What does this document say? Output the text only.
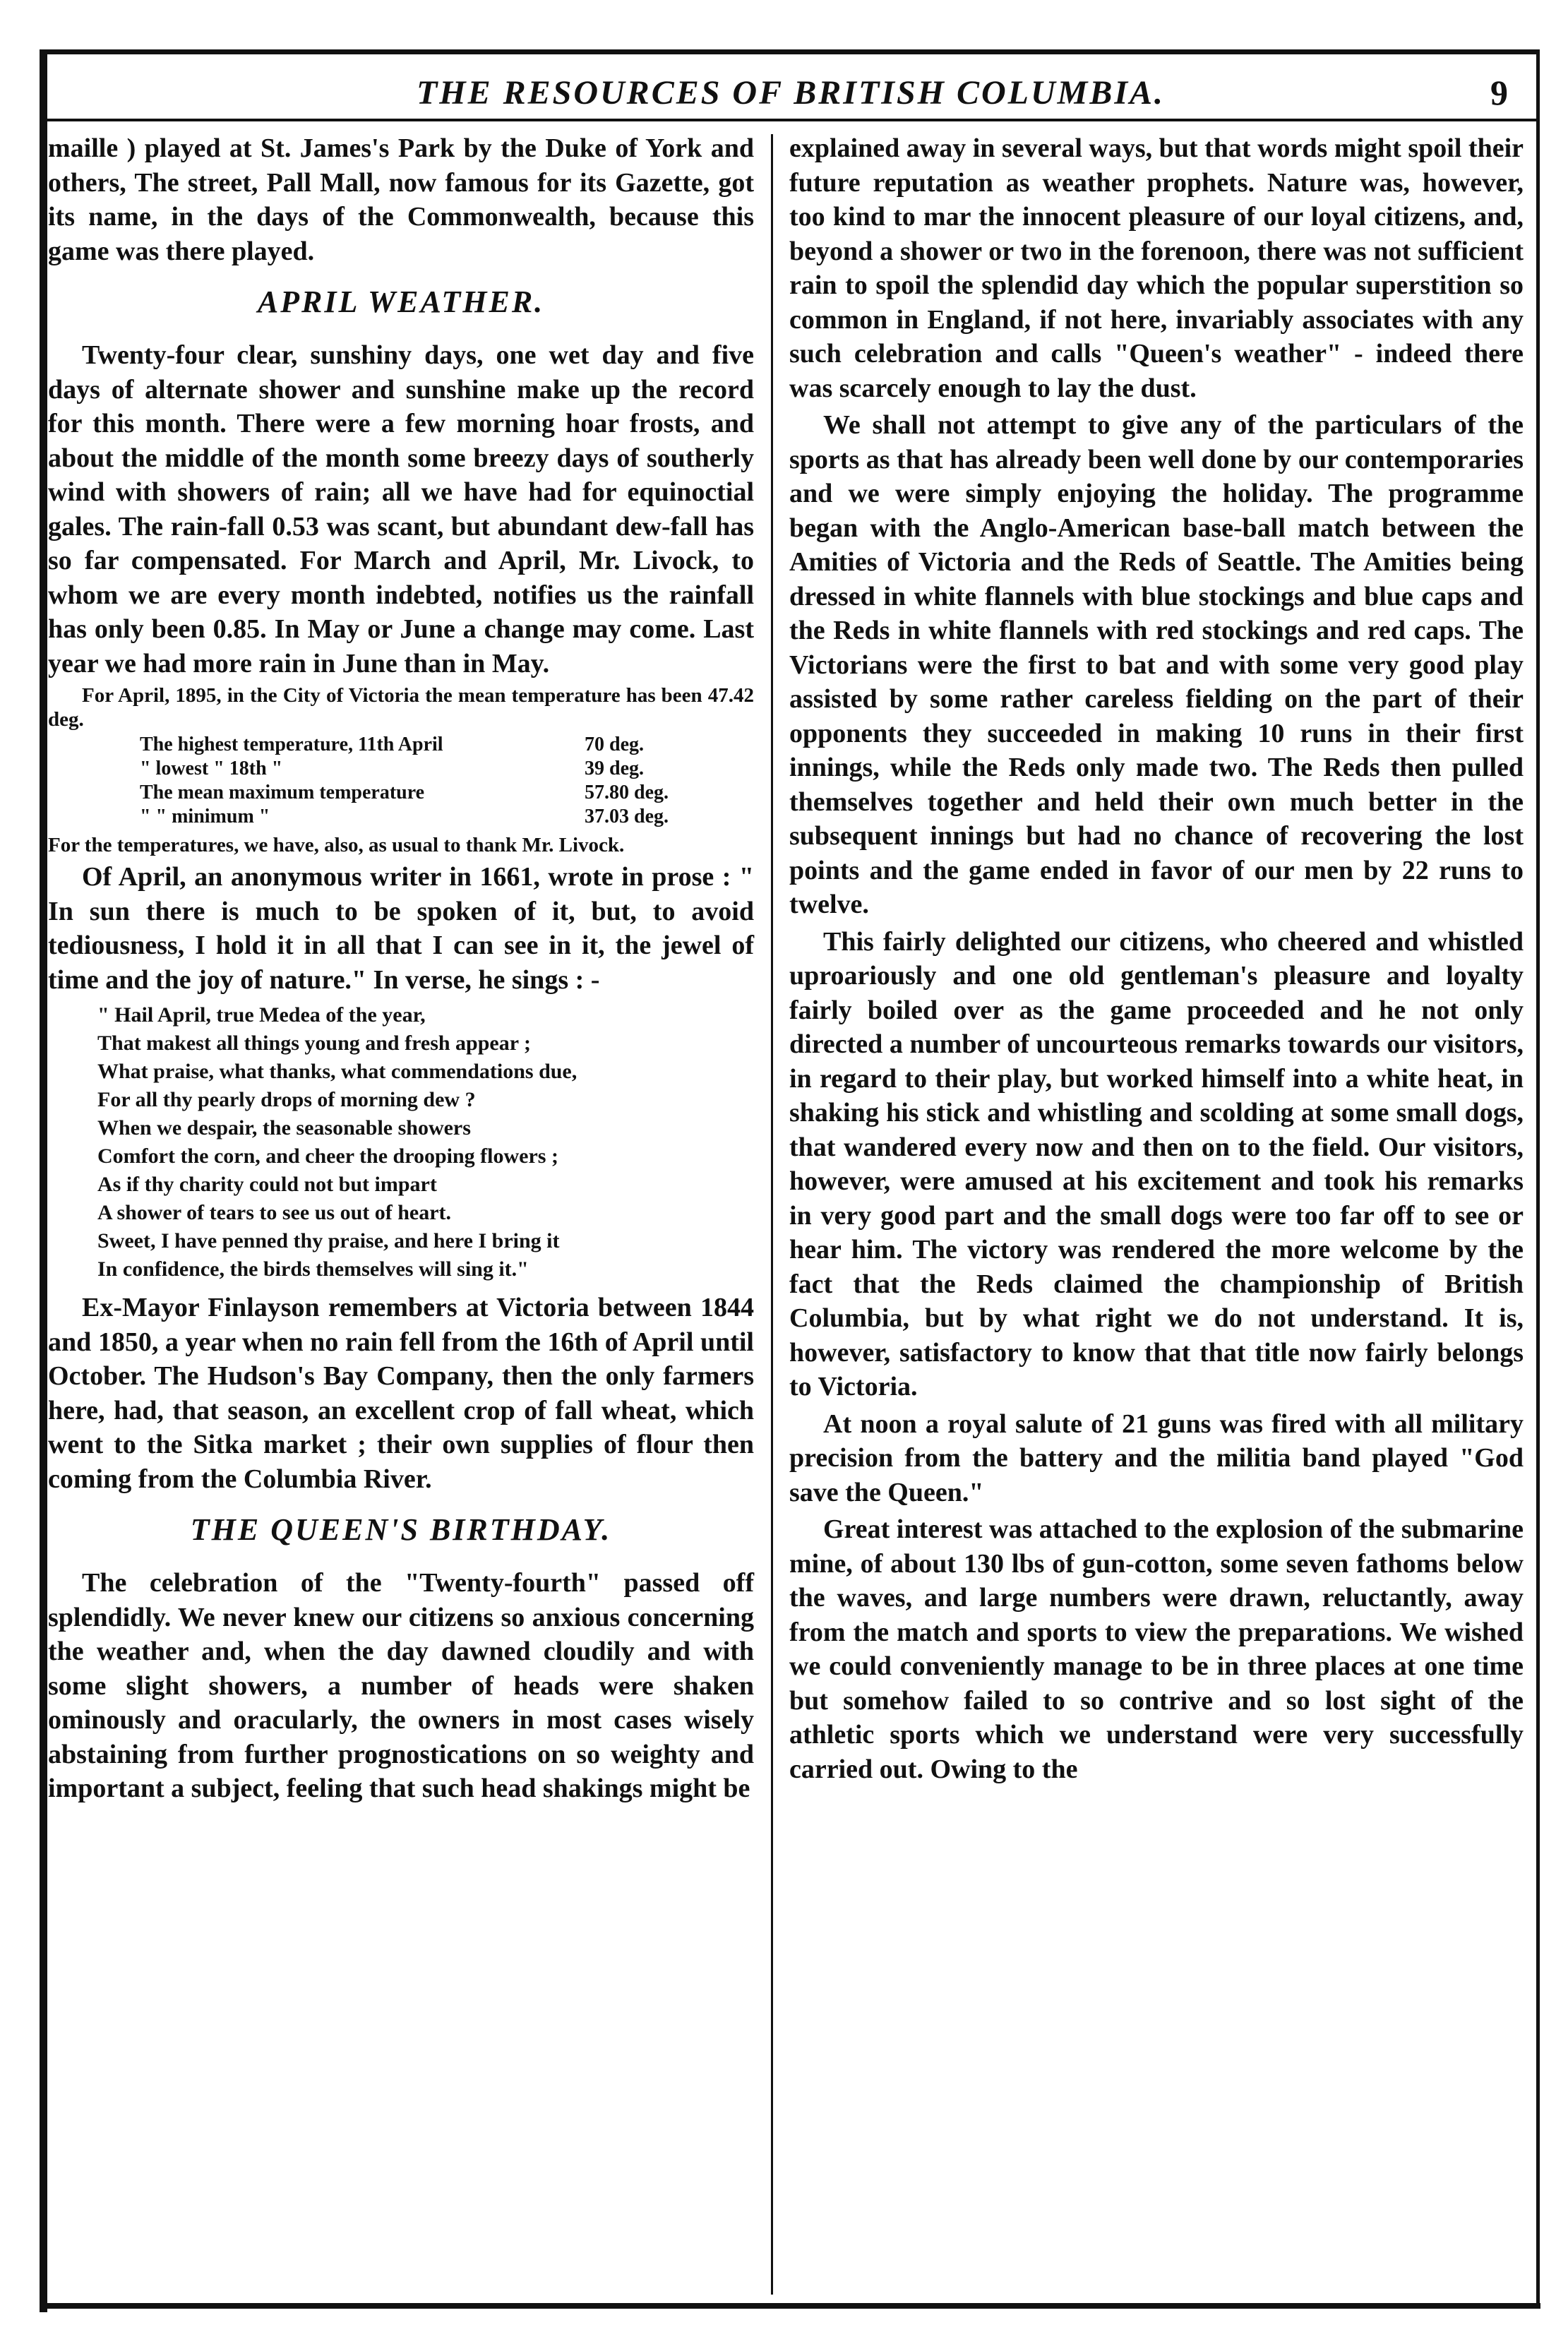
THE RESOURCES OF BRITISH COLUMBIA.	9

maille ) played at St. James's Park by the Duke of York and others, The street, Pall Mall, now famous for its Gazette, got its name, in the days of the Commonwealth, because this game was there played.

APRIL WEATHER.

Twenty-four clear, sunshiny days, one wet day and five days of alternate shower and sunshine make up the record for this month. There were a few morning hoar frosts, and about the middle of the month some breezy days of southerly wind with showers of rain; all we have had for equinoctial gales. The rain-fall 0.53 was scant, but abundant dew-fall has so far compensated. For March and April, Mr. Livock, to whom we are every month indebted, notifies us the rainfall has only been 0.85. In May or June a change may come. Last year we had more rain in June than in May.

For April, 1895, in the City of Victoria the mean temperature has been 47.42 deg.

The highest temperature, 11th April	70 deg.
" lowest " 18th "	39 deg.
The mean maximum temperature	57.80 deg.
" " minimum "	37.03 deg.

For the temperatures, we have, also, as usual to thank Mr. Livock.

Of April, an anonymous writer in 1661, wrote in prose : " In sun there is much to be spoken of it, but, to avoid tediousness, I hold it in all that I can see in it, the jewel of time and the joy of nature." In verse, he sings : -

" Hail April, true Medea of the year,
That makest all things young and fresh appear ;
What praise, what thanks, what commendations due,
For all thy pearly drops of morning dew ?
When we despair, the seasonable showers
Comfort the corn, and cheer the drooping flowers ;
As if thy charity could not but impart
A shower of tears to see us out of heart.
Sweet, I have penned thy praise, and here I bring it
In confidence, the birds themselves will sing it."

Ex-Mayor Finlayson remembers at Victoria between 1844 and 1850, a year when no rain fell from the 16th of April until October. The Hudson's Bay Company, then the only farmers here, had, that season, an excellent crop of fall wheat, which went to the Sitka market ; their own supplies of flour then coming from the Columbia River.

THE QUEEN'S BIRTHDAY.

The celebration of the "Twenty-fourth" passed off splendidly. We never knew our citizens so anxious concerning the weather and, when the day dawned cloudily and with some slight showers, a number of heads were shaken ominously and oracularly, the owners in most cases wisely abstaining from further prognostications on so weighty and important a subject, feeling that such head shakings might be

explained away in several ways, but that words might spoil their future reputation as weather prophets. Nature was, however, too kind to mar the innocent pleasure of our loyal citizens, and, beyond a shower or two in the forenoon, there was not sufficient rain to spoil the splendid day which the popular superstition so common in England, if not here, invariably associates with any such celebration and calls "Queen's weather" - indeed there was scarcely enough to lay the dust.

We shall not attempt to give any of the particulars of the sports as that has already been well done by our contemporaries and we were simply enjoying the holiday. The programme began with the Anglo-American base-ball match between the Amities of Victoria and the Reds of Seattle. The Amities being dressed in white flannels with blue stockings and blue caps and the Reds in white flannels with red stockings and red caps. The Victorians were the first to bat and with some very good play assisted by some rather careless fielding on the part of their opponents they succeeded in making 10 runs in their first innings, while the Reds only made two. The Reds then pulled themselves together and held their own much better in the subsequent innings but had no chance of recovering the lost points and the game ended in favor of our men by 22 runs to twelve.

This fairly delighted our citizens, who cheered and whistled uproariously and one old gentleman's pleasure and loyalty fairly boiled over as the game proceeded and he not only directed a number of uncourteous remarks towards our visitors, in regard to their play, but worked himself into a white heat, in shaking his stick and whistling and scolding at some small dogs, that wandered every now and then on to the field. Our visitors, however, were amused at his excitement and took his remarks in very good part and the small dogs were too far off to see or hear him. The victory was rendered the more welcome by the fact that the Reds claimed the championship of British Columbia, but by what right we do not understand. It is, however, satisfactory to know that that title now fairly belongs to Victoria.

At noon a royal salute of 21 guns was fired with all military precision from the battery and the militia band played "God save the Queen."

Great interest was attached to the explosion of the submarine mine, of about 130 lbs of gun-cotton, some seven fathoms below the waves, and large numbers were drawn, reluctantly, away from the match and sports to view the preparations. We wished we could conveniently manage to be in three places at one time but somehow failed to so contrive and so lost sight of the athletic sports which we understand were very successfully carried out. Owing to the
